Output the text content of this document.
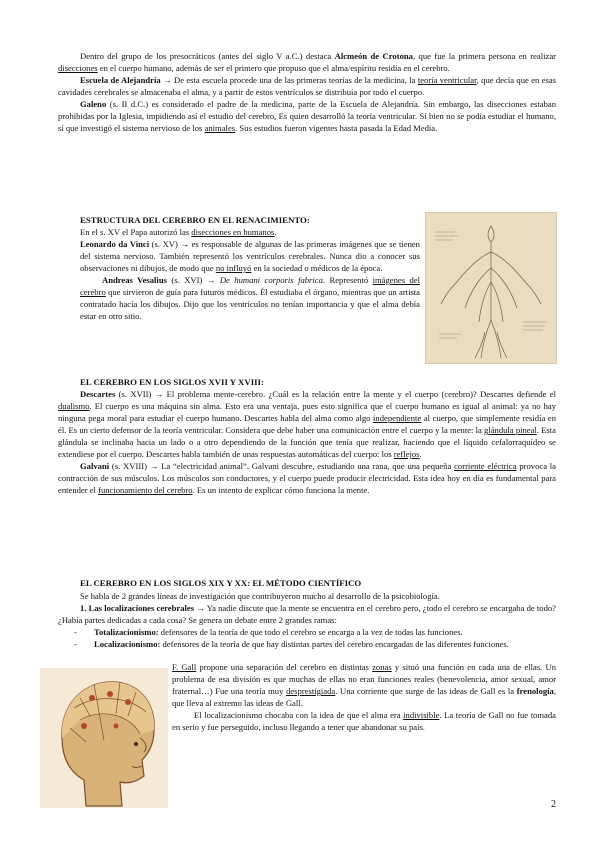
Dentro del grupo de los presocráticos (antes del siglo V a.C.) destaca Alcmeón de Crotona, que fue la primera persona en realizar disecciones en el cuerpo humano, además de ser el primero que propuso que el alma/espíritu residía en el cerebro.

Escuela de Alejandría → De esta escuela procede una de las primeras teorías de la medicina, la teoría ventricular, que decía que en esas cavidades cerebrales se almacenaba el alma, y a partir de estos ventrículos se distribuía por todo el cuerpo.

Galeno (s. II d.C.) es considerado el padre de la medicina, parte de la Escuela de Alejandría. Sin embargo, las disecciones estaban prohibidas por la Iglesia, impidiendo así el estudio del cerebro, Es quien desarrolló la teoría ventricular. Sí bien no se podía estudiar el humano, sí que investigó el sistema nervioso de los animales. Sus estudios fueron vigentes hasta pasada la Edad Media.

ESTRUCTURA DEL CEREBRO EN EL RENACIMIENTO:

En el s. XV el Papa autorizó las disecciones en humanos.

Leonardo da Vinci (s. XV) → es responsable de algunas de las primeras imágenes que se tienen del sistema nervioso. También representó los ventrículos cerebrales. Nunca dio a conocer sus observaciones ni dibujos, de modo que no influyó en la sociedad o médicos de la época.

Andreas Vesalius (s. XVI) → De humani corporis fabrica. Representó imágenes del cerebro que sirvieron de guía para futuros médicos. Él estudiaba el órgano, mientras que un artista contratado hacía los dibujos. Dijo que los ventrículos no tenían importancia y que el alma debía estar en otro sitio.

EL CEREBRO EN LOS SIGLOS XVII Y XVIII:

Descartes (s. XVII) → El problema mente-cerebro. ¿Cuál es la relación entre la mente y el cuerpo (cerebro)? Descartes defiende el dualismo. El cuerpo es una máquina sin alma. Esto era una ventaja, pues esto significa que el cuerpo humano es igual al animal: ya no hay ninguna pega moral para estudiar el cuerpo humano. Descartes habla del alma como algo independiente al cuerpo, que simplemente residía en él. Es un cierto defensor de la teoría ventricular. Considera que debe haber una comunicación entre el cuerpo y la mente: la glándula pineal. Esta glándula se inclinaba hacia un lado o a otro dependiendo de la función que tenía que realizar, haciendo que el líquido cefalorraquídeo se extendiese por el cuerpo. Descartes habla también de unas respuestas automáticas del cuerpo: los reflejos.

Galvani (s. XVIII) → La “electricidad animal”. Galvani descubre, estudiando una rana, que una pequeña corriente eléctrica provoca la contracción de sus músculos. Los músculos son conductores, y el cuerpo puede producir electricidad. Esta idea hoy en día es fundamental para entender el funcionamiento del cerebro. Es un intento de explicar cómo funciona la mente.

EL CEREBRO EN LOS SIGLOS XIX Y XX: EL MÉTODO CIENTÍFICO

Se habla de 2 grandes líneas de investigación que contribuyeron mucho al desarrollo de la psicobiología.

1. Las localizaciones cerebrales → Ya nadie discute que la mente se encuentra en el cerebro pero, ¿todo el cerebro se encargaba de todo? ¿Había partes dedicadas a cada cosa? Se genera un debate entre 2 grandes ramas:

- Totalizacionismo: defensores de la teoría de que todo el cerebro se encarga a la vez de todas las funciones.
- Localizacionismo: defensores de la teoría de que hay distintas partes del cerebro encargadas de las diferentes funciones.

F. Gall propone una separación del cerebro en distintas zonas y situó una función en cada una de ellas. Un problema de esa división es que muchas de ellas no eran funciones reales (benevolencia, amor sexual, amor fraternal…) Fue una teoría muy desprestigiada. Una corriente que surge de las ideas de Gall es la frenología, que lleva al extremo las ideas de Gall.

El localizacionismo chocaba con la idea de que el alma era indivisible. La teoría de Gall no fue tomada en serio y fue perseguido, incluso llegando a tener que abandonar su país.

2
